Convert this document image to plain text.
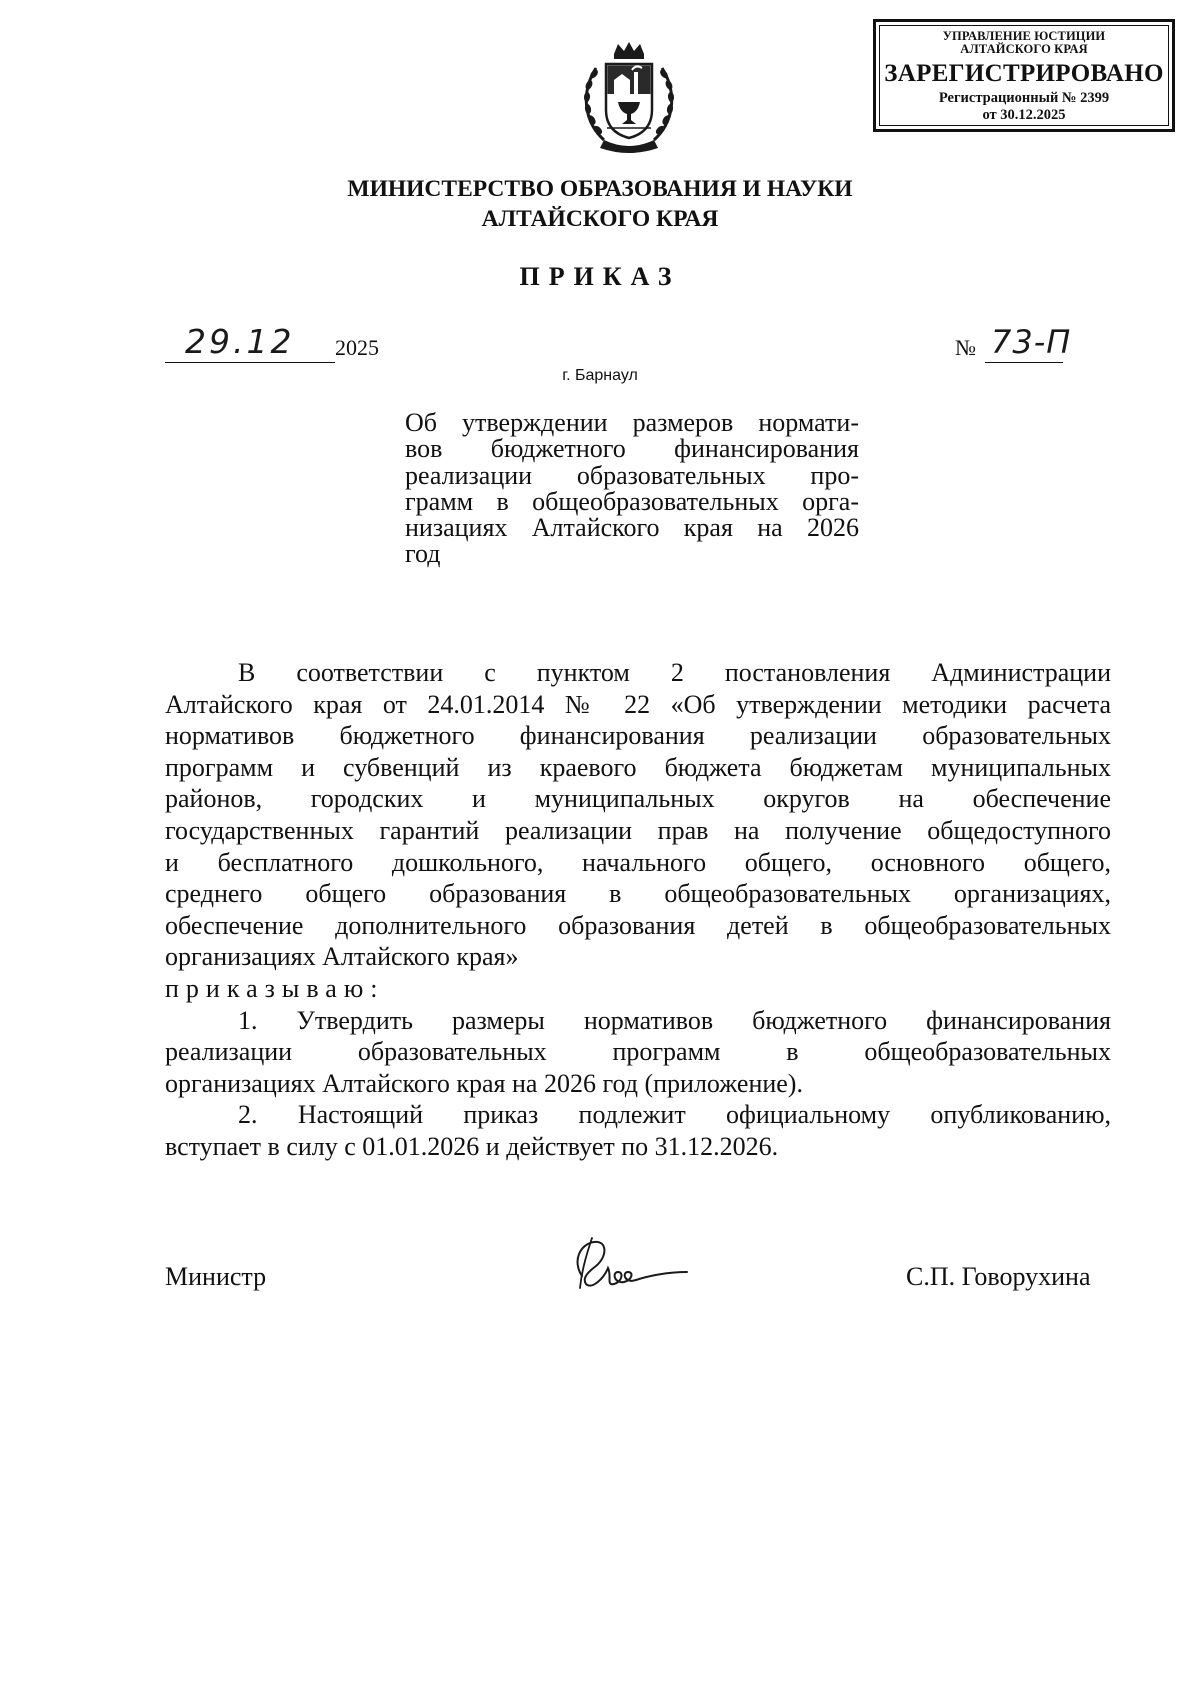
УПРАВЛЕНИЕ ЮСТИЦИИ
АЛТАЙСКОГО КРАЯ
ЗАРЕГИСТРИРОВАНО
Регистрационный № 2399
от 30.12.2025
МИНИСТЕРСТВО ОБРАЗОВАНИЯ И НАУКИ
АЛТАЙСКОГО КРАЯ
ПРИКАЗ
29.12 2025	№ 73-П
г. Барнаул
Об утверждении размеров нормати-
вов бюджетного финансирования
реализации образовательных про-
грамм в общеобразовательных орга-
низациях Алтайского края на 2026
год
В соответствии с пунктом 2 постановления Администрации
Алтайского края от 24.01.2014 № 22 «Об утверждении методики расчета
нормативов бюджетного финансирования реализации образовательных
программ и субвенций из краевого бюджета бюджетам муниципальных
районов, городских и муниципальных округов на обеспечение
государственных гарантий реализации прав на получение общедоступного
и бесплатного дошкольного, начального общего, основного общего,
среднего общего образования в общеобразовательных организациях,
обеспечение дополнительного образования детей в общеобразовательных
организациях Алтайского края»
приказываю:
1. Утвердить размеры нормативов бюджетного финансирования
реализации образовательных программ в общеобразовательных
организациях Алтайского края на 2026 год (приложение).
2. Настоящий приказ подлежит официальному опубликованию,
вступает в силу с 01.01.2026 и действует по 31.12.2026.
Министр	С.П. Говорухина
